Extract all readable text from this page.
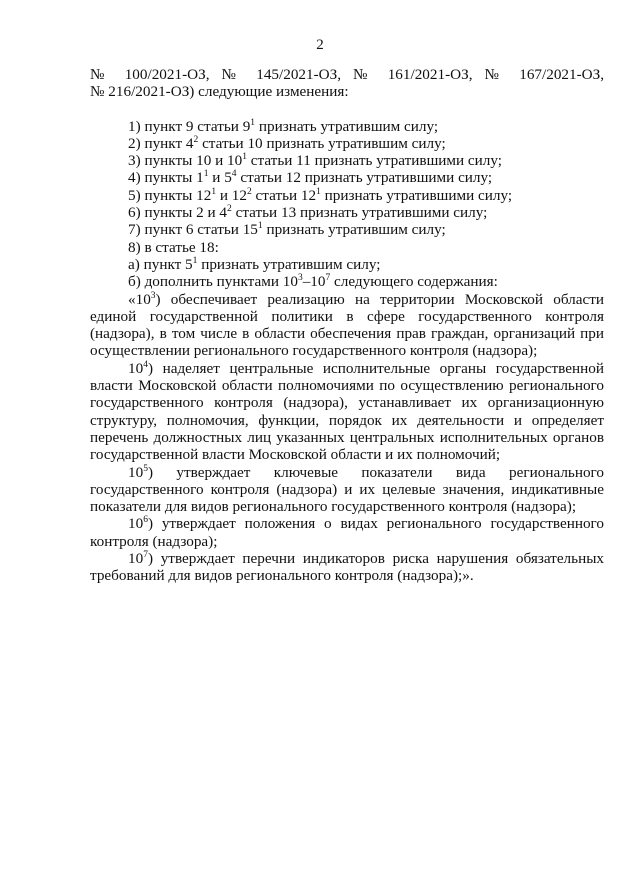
2
№ 100/2021-ОЗ, № 145/2021-ОЗ, № 161/2021-ОЗ, № 167/2021-ОЗ,
№ 216/2021-ОЗ) следующие изменения:
1) пункт 9 статьи $9^1$ признать утратившим силу;
2) пункт $4^2$ статьи 10 признать утратившим силу;
3) пункты 10 и $10^1$ статьи 11 признать утратившими силу;
4) пункты $1^1$ и $5^4$ статьи 12 признать утратившими силу;
5) пункты $12^1$ и $12^2$ статьи $12^1$ признать утратившими силу;
6) пункты 2 и $4^2$ статьи 13 признать утратившими силу;
7) пункт 6 статьи $15^1$ признать утратившим силу;
8) в статье 18:
а) пункт $5^1$ признать утратившим силу;
б) дополнить пунктами $10^3-10^7$ следующего содержания:
«$10^3$) обеспечивает реализацию на территории Московской области единой государственной политики в сфере государственного контроля (надзора), в том числе в области обеспечения прав граждан, организаций при осуществлении регионального государственного контроля (надзора);
$10^4$) наделяет центральные исполнительные органы государственной власти Московской области полномочиями по осуществлению регионального государственного контроля (надзора), устанавливает их организационную структуру, полномочия, функции, порядок их деятельности и определяет перечень должностных лиц указанных центральных исполнительных органов государственной власти Московской области и их полномочий;
$10^5$) утверждает ключевые показатели вида регионального государственного контроля (надзора) и их целевые значения, индикативные показатели для видов регионального государственного контроля (надзора);
$10^6$) утверждает положения о видах регионального государственного контроля (надзора);
$10^7$) утверждает перечни индикаторов риска нарушения обязательных требований для видов регионального контроля (надзора);».
